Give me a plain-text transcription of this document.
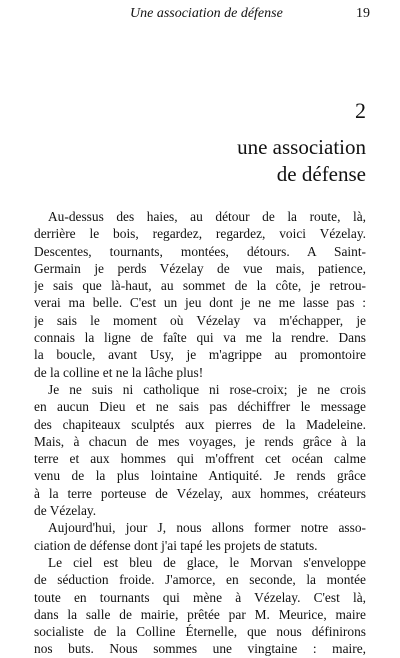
Une association de défense	19
2
une association
de défense

Au-dessus des haies, au détour de la route, là,
derrière le bois, regardez, regardez, voici Vézelay.
Descentes, tournants, montées, détours. A Saint-
Germain je perds Vézelay de vue mais, patience,
je sais que là-haut, au sommet de la côte, je retrou-
verai ma belle. C'est un jeu dont je ne me lasse pas :
je sais le moment où Vézelay va m'échapper, je
connais la ligne de faîte qui va me la rendre. Dans
la boucle, avant Usy, je m'agrippe au promontoire
de la colline et ne la lâche plus!

Je ne suis ni catholique ni rose-croix; je ne crois
en aucun Dieu et ne sais pas déchiffrer le message
des chapiteaux sculptés aux pierres de la Madeleine.
Mais, à chacun de mes voyages, je rends grâce à la
terre et aux hommes qui m'offrent cet océan calme
venu de la plus lointaine Antiquité. Je rends grâce
à la terre porteuse de Vézelay, aux hommes, créateurs
de Vézelay.

Aujourd'hui, jour J, nous allons former notre asso-
ciation de défense dont j'ai tapé les projets de statuts.

Le ciel est bleu de glace, le Morvan s'enveloppe
de séduction froide. J'amorce, en seconde, la montée
toute en tournants qui mène à Vézelay. C'est là,
dans la salle de mairie, prêtée par M. Meurice, maire
socialiste de la Colline Éternelle, que nous définirons
nos buts. Nous sommes une vingtaine : maire,
